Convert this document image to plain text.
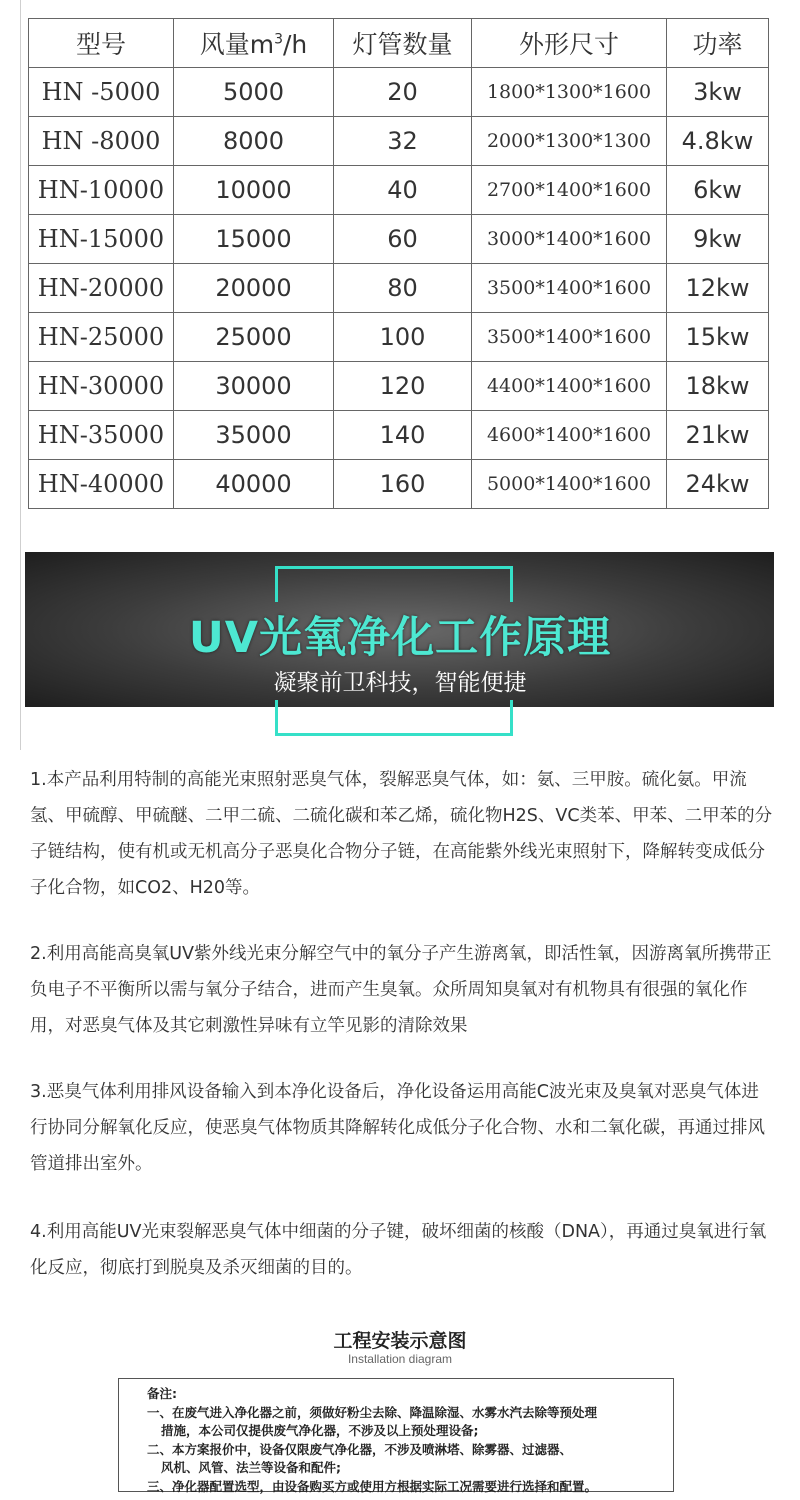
型号	风量$m^3/h$	灯管数量	外形尺寸	功率
HN -5000	5000	20	1800*1300*1600	3kw
HN -8000	8000	32	2000*1300*1300	4.8kw
HN-10000	10000	40	2700*1400*1600	6kw
HN-15000	15000	60	3000*1400*1600	9kw
HN-20000	20000	80	3500*1400*1600	12kw
HN-25000	25000	100	3500*1400*1600	15kw
HN-30000	30000	120	4400*1400*1600	18kw
HN-35000	35000	140	4600*1400*1600	21kw
HN-40000	40000	160	5000*1400*1600	24kw
UV光氧净化工作原理
凝聚前卫科技，智能便捷
1.本产品利用特制的高能光束照射恶臭气体，裂解恶臭气体，如：氨、三甲胺。硫化氨。甲流氢、甲硫醇、甲硫醚、二甲二硫、二硫化碳和苯乙烯，硫化物H2S、VC类苯、甲苯、二甲苯的分子链结构，使有机或无机高分子恶臭化合物分子链，在高能紫外线光束照射下，降解转变成低分子化合物，如CO2、H20等。
2.利用高能高臭氧UV紫外线光束分解空气中的氧分子产生游离氧，即活性氧，因游离氧所携带正负电子不平衡所以需与氧分子结合，进而产生臭氧。众所周知臭氧对有机物具有很强的氧化作用，对恶臭气体及其它刺激性异味有立竿见影的清除效果
3.恶臭气体利用排风设备输入到本净化设备后，净化设备运用高能C波光束及臭氧对恶臭气体进行协同分解氧化反应，使恶臭气体物质其降解转化成低分子化合物、水和二氧化碳，再通过排风管道排出室外。
4.利用高能UV光束裂解恶臭气体中细菌的分子键，破坏细菌的核酸（DNA），再通过臭氧进行氧化反应，彻底打到脱臭及杀灭细菌的目的。
工程安装示意图
Installation diagram
备注:
一、在废气进入净化器之前，须做好粉尘去除、降温除湿、水雾水汽去除等预处理
措施，本公司仅提供废气净化器，不涉及以上预处理设备;
二、本方案报价中，设备仅限废气净化器，不涉及喷淋塔、除雾器、过滤器、
风机、风管、法兰等设备和配件;
三、净化器配置选型，由设备购买方或使用方根据实际工况需要进行选择和配置。
